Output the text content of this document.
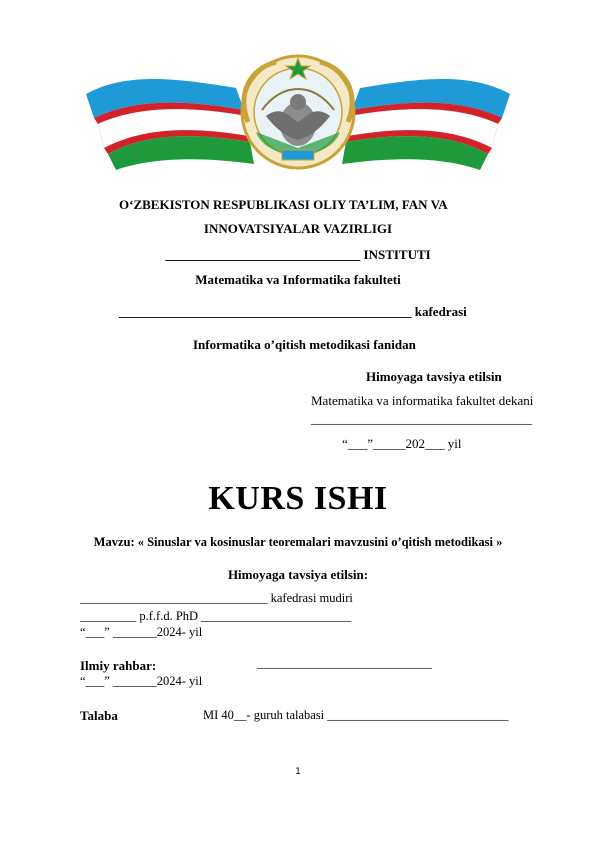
O‘ZBEKISTON RESPUBLIKASI OLIY TA’LIM, FAN VA
INNOVATSIYALAR VAZIRLIGI
______________________________ INSTITUTI
Matematika va Informatika fakulteti
_____________________________________________ kafedrasi
Informatika o’qitish metodikasi fanidan
Himoyaga tavsiya etilsin
Matematika va informatika fakultet dekani
__________________________________
“___”_____202___ yil
KURS ISHI
Mavzu: « Sinuslar va kosinuslar teoremalari mavzusini o’qitish metodikasi »
Himoyaga tavsiya etilsin:
______________________________ kafedrasi mudiri
_________ p.f.f.d. PhD ________________________
“___” _______2024- yil
Ilmiy rahbar:	____________________________
“___” _______2024- yil
Talaba	MI 40__- guruh talabasi _____________________________
1
